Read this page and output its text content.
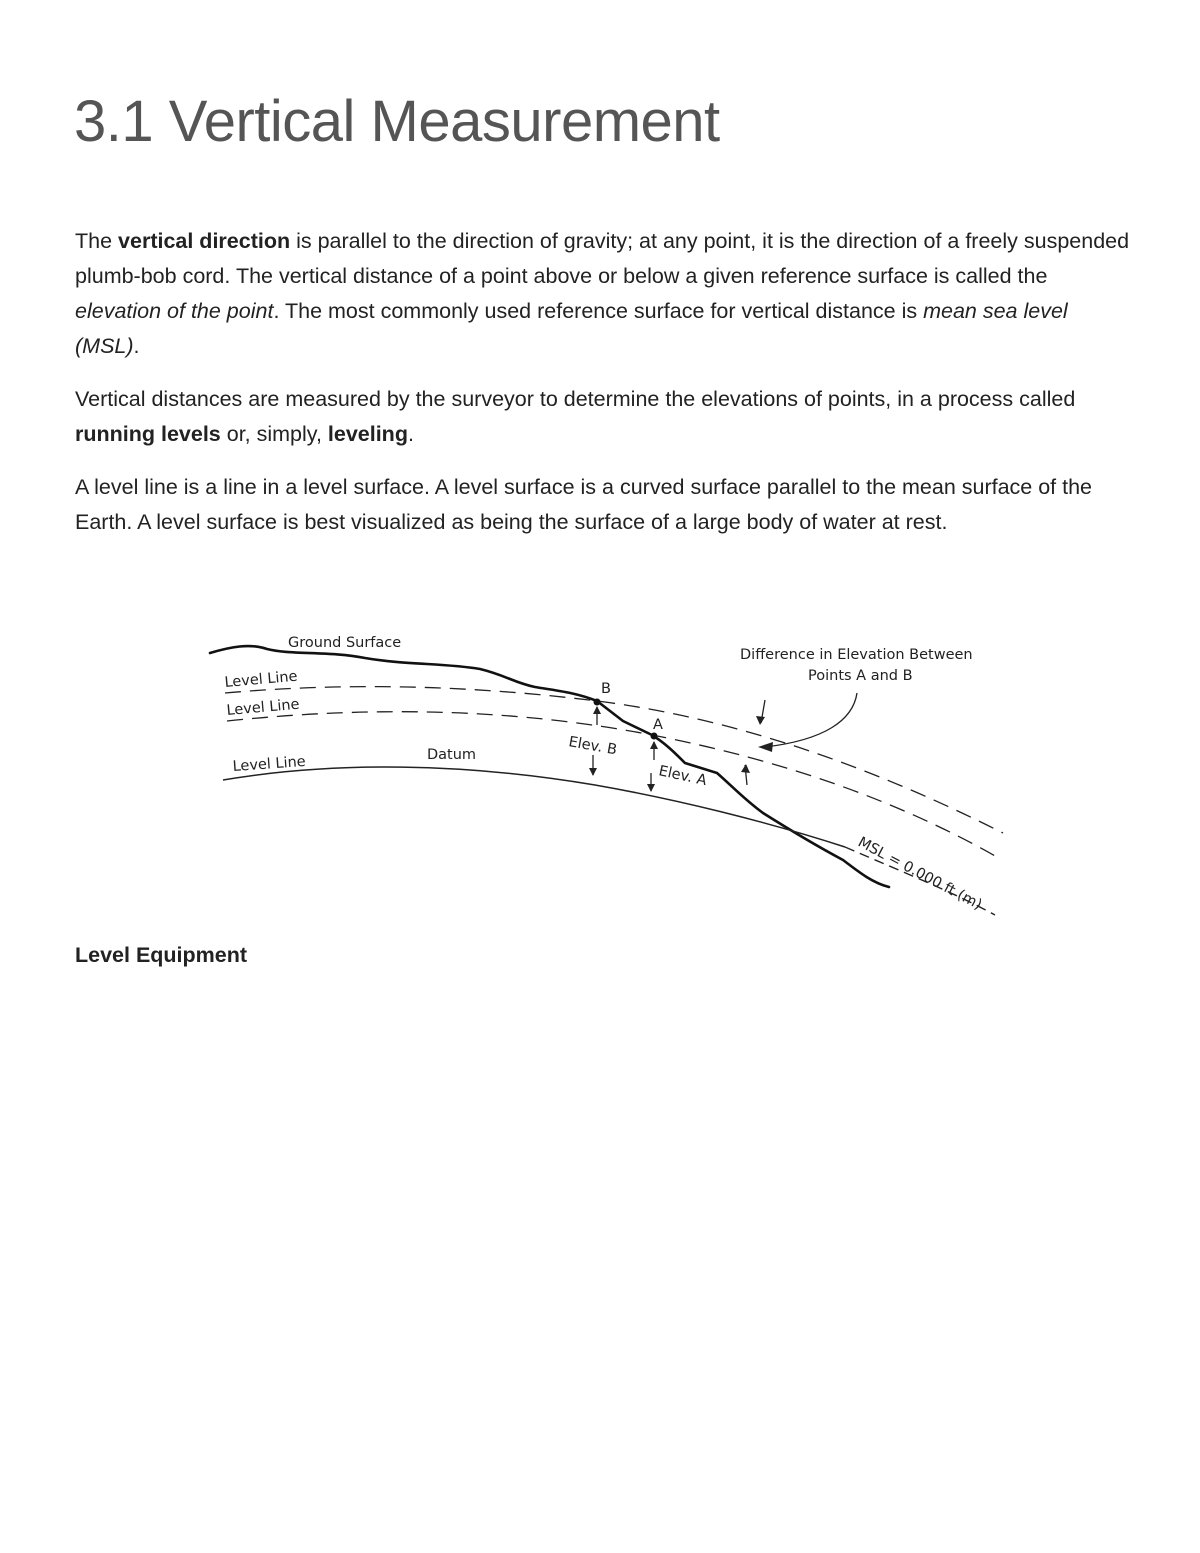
3.1 Vertical Measurement

The vertical direction is parallel to the direction of gravity; at any point, it is the direction of a freely suspended plumb-bob cord. The vertical distance of a point above or below a given reference surface is called the elevation of the point. The most commonly used reference surface for vertical distance is mean sea level (MSL).

Vertical distances are measured by the surveyor to determine the elevations of points, in a process called running levels or, simply, leveling.

A level line is a line in a level surface. A level surface is a curved surface parallel to the mean surface of the Earth. A level surface is best visualized as being the surface of a large body of water at rest.

Ground Surface
Level Line
Level Line
Level Line	Datum
B
A
Elev. B
Elev. A
Difference in Elevation Between
Points A and B
MSL = 0.000 ft (m)
Level Equipment
